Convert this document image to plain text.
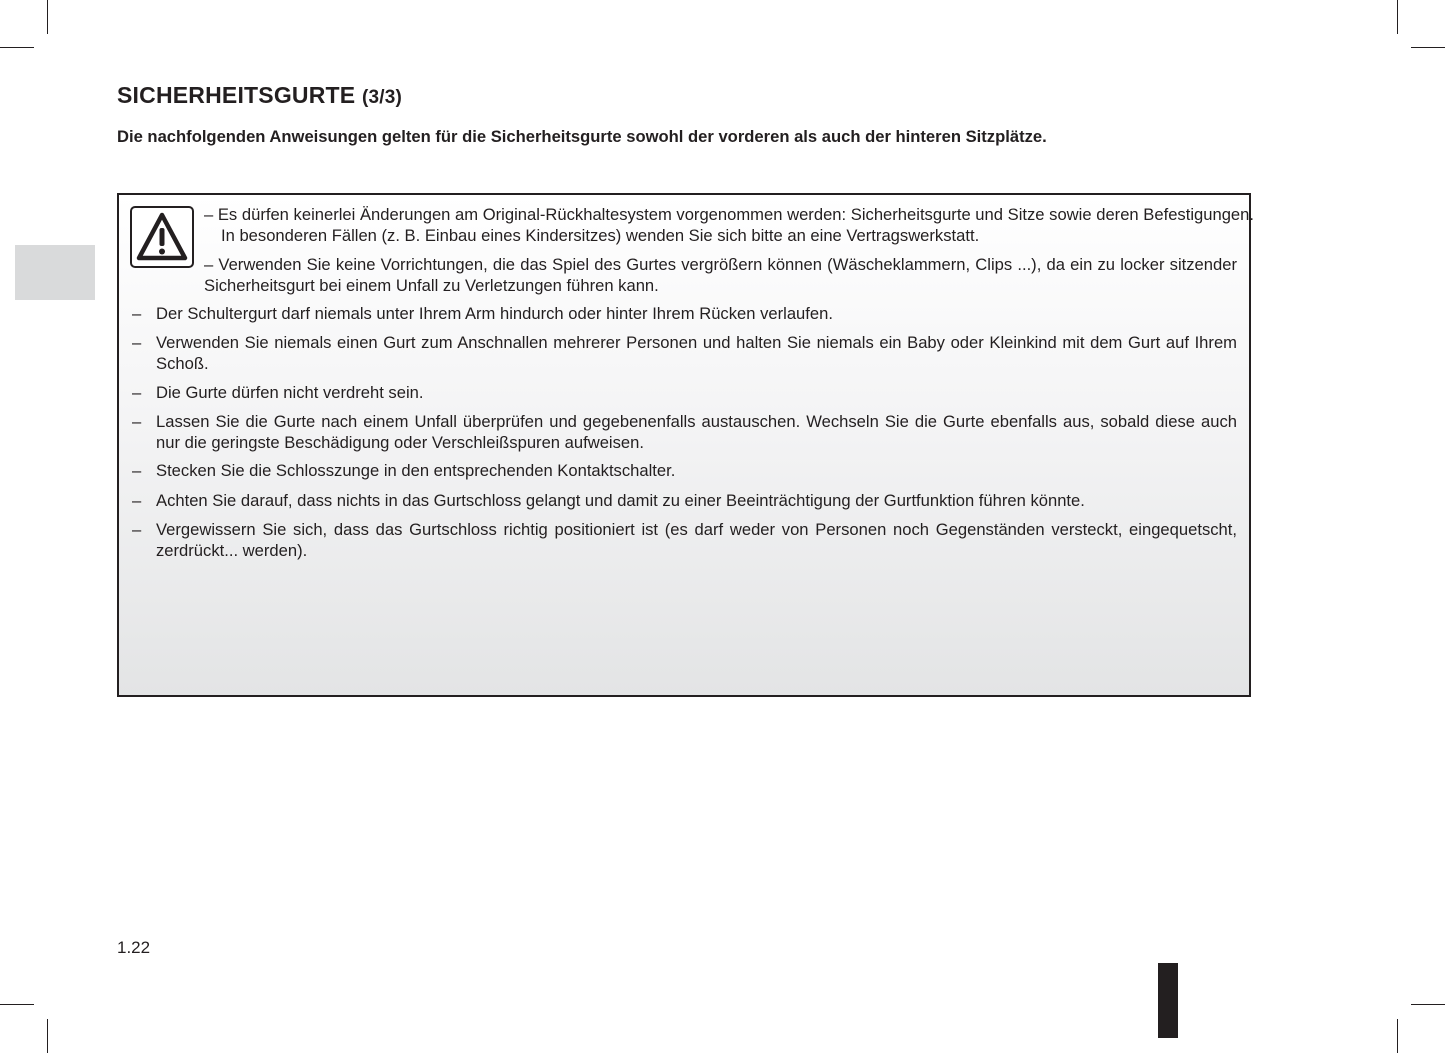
SICHERHEITSGURTE (3/3)
Die nachfolgenden Anweisungen gelten für die Sicherheitsgurte sowohl der vorderen als auch der hinteren Sitzplätze.
– Es dürfen keinerlei Änderungen am Original-Rückhaltesystem vorgenommen werden: Sicherheitsgurte und Sitze sowie deren Befestigungen. In besonderen Fällen (z. B. Einbau eines Kindersitzes) wenden Sie sich bitte an eine Vertragswerkstatt.
– Verwenden Sie keine Vorrichtungen, die das Spiel des Gurtes vergrößern können (Wäscheklammern, Clips ...), da ein zu locker sitzender Sicherheitsgurt bei einem Unfall zu Verletzungen führen kann.
– Der Schultergurt darf niemals unter Ihrem Arm hindurch oder hinter Ihrem Rücken verlaufen.
– Verwenden Sie niemals einen Gurt zum Anschnallen mehrerer Personen und halten Sie niemals ein Baby oder Kleinkind mit dem Gurt auf Ihrem Schoß.
– Die Gurte dürfen nicht verdreht sein.
– Lassen Sie die Gurte nach einem Unfall überprüfen und gegebenenfalls austauschen. Wechseln Sie die Gurte ebenfalls aus, sobald diese auch nur die geringste Beschädigung oder Verschleißspuren aufweisen.
– Stecken Sie die Schlosszunge in den entsprechenden Kontaktschalter.
– Achten Sie darauf, dass nichts in das Gurtschloss gelangt und damit zu einer Beeinträchtigung der Gurtfunktion führen könnte.
– Vergewissern Sie sich, dass das Gurtschloss richtig positioniert ist (es darf weder von Personen noch Gegenständen versteckt, eingequetscht, zerdrückt... werden).
1.22
